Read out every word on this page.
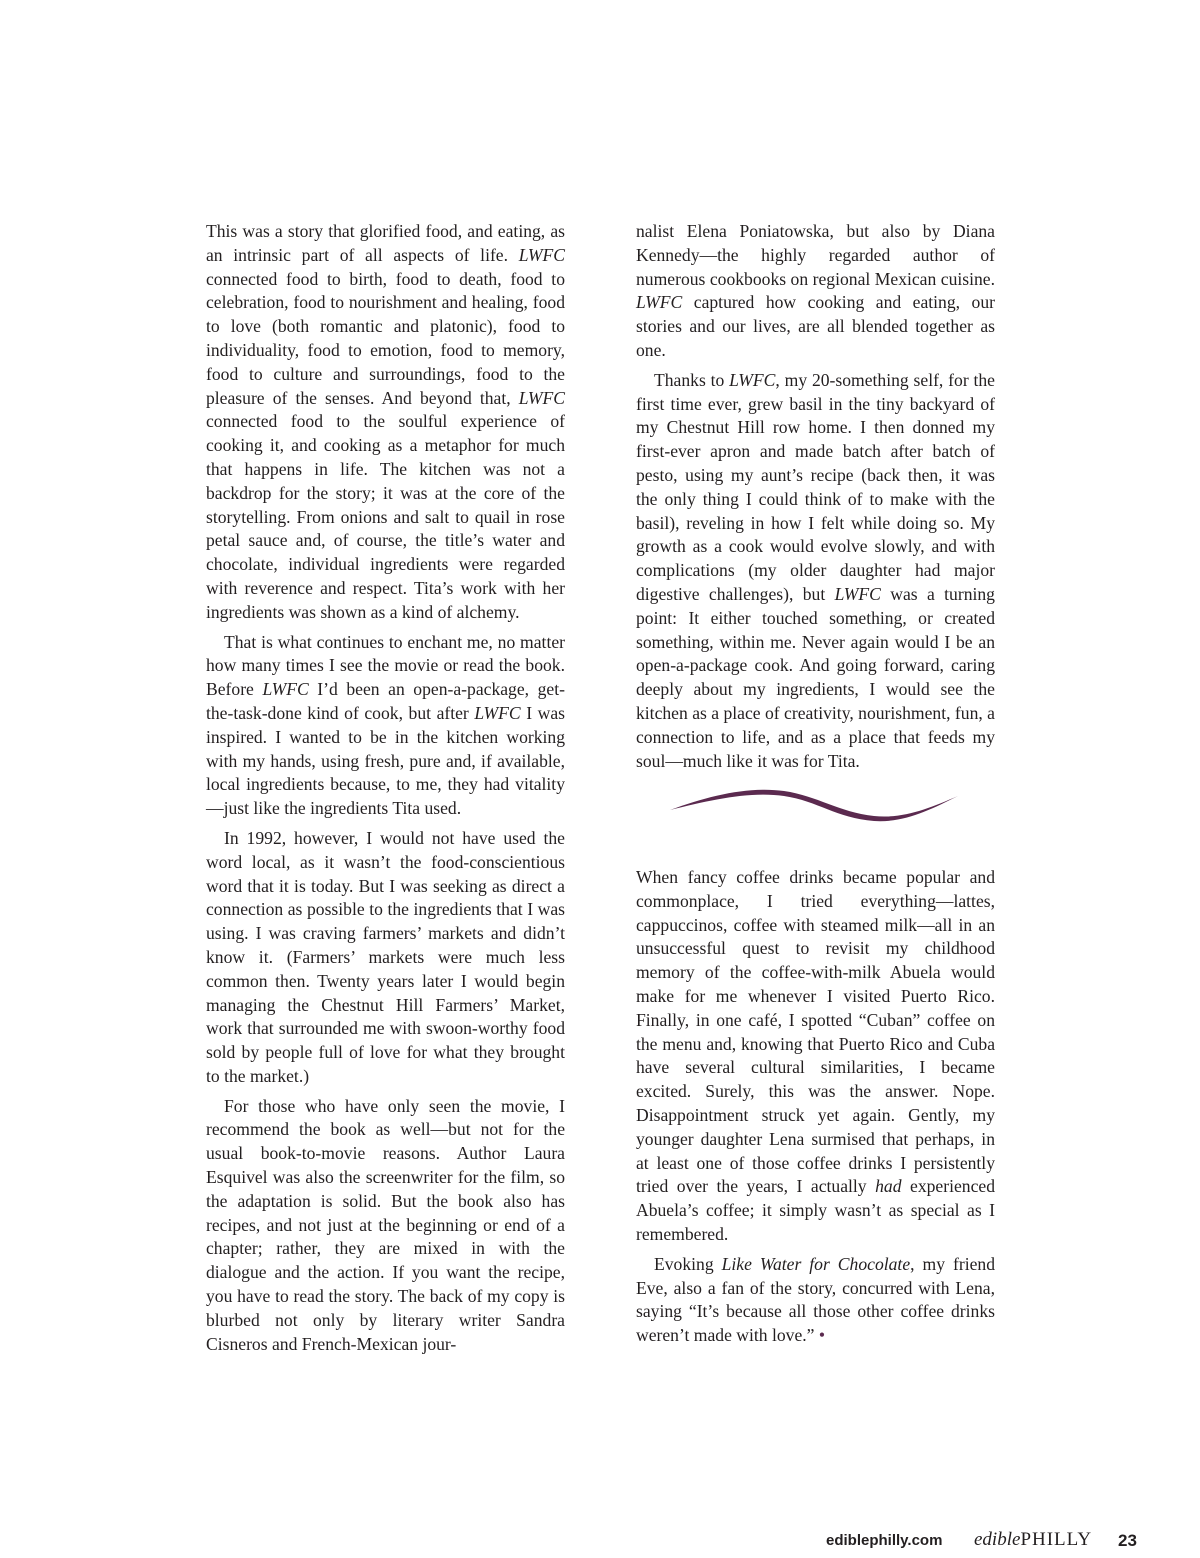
This was a story that glorified food, and eating, as an intrinsic part of all aspects of life. LWFC connected food to birth, food to death, food to celebration, food to nourishment and healing, food to love (both romantic and platonic), food to individuality, food to emotion, food to memory, food to culture and surroundings, food to the pleasure of the senses. And beyond that, LWFC connected food to the soulful experience of cooking it, and cooking as a metaphor for much that happens in life. The kitchen was not a backdrop for the story; it was at the core of the storytelling. From onions and salt to quail in rose petal sauce and, of course, the title’s water and chocolate, individual ingredients were regarded with reverence and respect. Tita’s work with her ingredients was shown as a kind of alchemy.

That is what continues to enchant me, no matter how many times I see the movie or read the book. Before LWFC I’d been an open-a-package, get-the-task-done kind of cook, but after LWFC I was inspired. I wanted to be in the kitchen working with my hands, using fresh, pure and, if available, local ingredients because, to me, they had vitality—just like the ingredients Tita used.

In 1992, however, I would not have used the word local, as it wasn’t the food-conscientious word that it is today. But I was seeking as direct a connection as possible to the ingredients that I was using. I was craving farmers’ markets and didn’t know it. (Farmers’ markets were much less common then. Twenty years later I would begin managing the Chestnut Hill Farmers’ Market, work that surrounded me with swoon-worthy food sold by people full of love for what they brought to the market.)

For those who have only seen the movie, I recommend the book as well—but not for the usual book-to-movie reasons. Author Laura Esquivel was also the screenwriter for the film, so the adaptation is solid. But the book also has recipes, and not just at the beginning or end of a chapter; rather, they are mixed in with the dialogue and the action. If you want the recipe, you have to read the story. The back of my copy is blurbed not only by literary writer Sandra Cisneros and French-Mexican jour-

nalist Elena Poniatowska, but also by Diana Kennedy—the highly regarded author of numerous cookbooks on regional Mexican cuisine. LWFC captured how cooking and eating, our stories and our lives, are all blended together as one.

Thanks to LWFC, my 20-something self, for the first time ever, grew basil in the tiny backyard of my Chestnut Hill row home. I then donned my first-ever apron and made batch after batch of pesto, using my aunt’s recipe (back then, it was the only thing I could think of to make with the basil), reveling in how I felt while doing so. My growth as a cook would evolve slowly, and with complications (my older daughter had major digestive challenges), but LWFC was a turning point: It either touched something, or created something, within me. Never again would I be an open-a-package cook. And going forward, caring deeply about my ingredients, I would see the kitchen as a place of creativity, nourishment, fun, a connection to life, and as a place that feeds my soul—much like it was for Tita.

When fancy coffee drinks became popular and commonplace, I tried everything—lattes, cappuccinos, coffee with steamed milk—all in an unsuccessful quest to revisit my childhood memory of the coffee-with-milk Abuela would make for me whenever I visited Puerto Rico. Finally, in one café, I spotted “Cuban” coffee on the menu and, knowing that Puerto Rico and Cuba have several cultural similarities, I became excited. Surely, this was the answer. Nope. Disappointment struck yet again. Gently, my younger daughter Lena surmised that perhaps, in at least one of those coffee drinks I persistently tried over the years, I actually had experienced Abuela’s coffee; it simply wasn’t as special as I remembered.

Evoking Like Water for Chocolate, my friend Eve, also a fan of the story, concurred with Lena, saying “It’s because all those other coffee drinks weren’t made with love.” •

ediblephilly.com edible PHILLY 23
